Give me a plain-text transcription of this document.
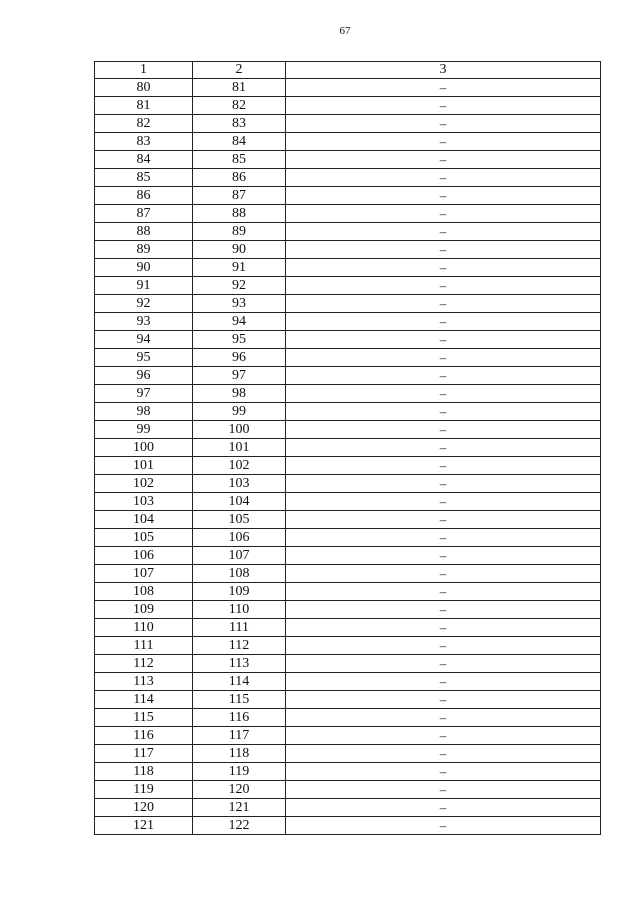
67
1	2	3
80	81	–
81	82	–
82	83	–
83	84	–
84	85	–
85	86	–
86	87	–
87	88	–
88	89	–
89	90	–
90	91	–
91	92	–
92	93	–
93	94	–
94	95	–
95	96	–
96	97	–
97	98	–
98	99	–
99	100	–
100	101	–
101	102	–
102	103	–
103	104	–
104	105	–
105	106	–
106	107	–
107	108	–
108	109	–
109	110	–
110	111	–
111	112	–
112	113	–
113	114	–
114	115	–
115	116	–
116	117	–
117	118	–
118	119	–
119	120	–
120	121	–
121	122	–
